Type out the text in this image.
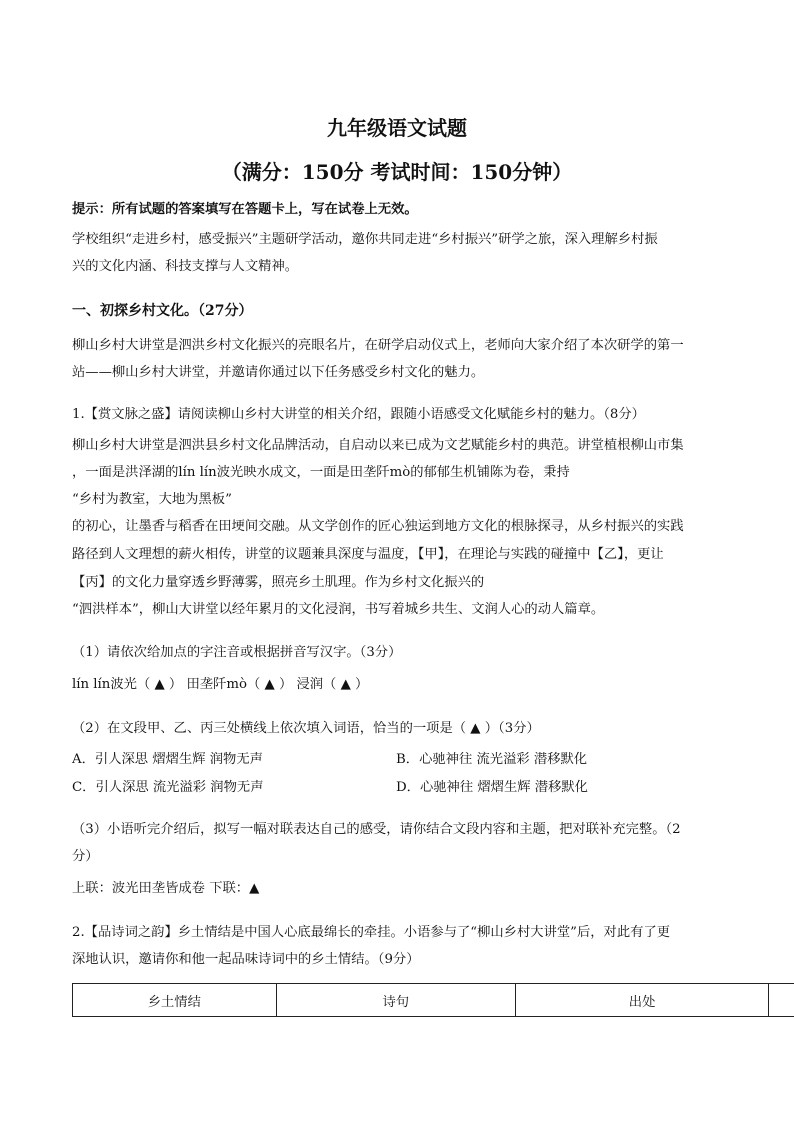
九年级语文试题
（满分：150分 考试时间：150分钟）
提示：所有试题的答案填写在答题卡上，写在试卷上无效。
学校组织“走进乡村，感受振兴”主题研学活动，邀你共同走进“乡村振兴”研学之旅，深入理解乡村振
兴的文化内涵、科技支撑与人文精神。
一、初探乡村文化。（27分）
柳山乡村大讲堂是泗洪乡村文化振兴的亮眼名片，在研学启动仪式上，老师向大家介绍了本次研学的第一
站——柳山乡村大讲堂，并邀请你通过以下任务感受乡村文化的魅力。
1.【赏文脉之盛】请阅读柳山乡村大讲堂的相关介绍，跟随小语感受文化赋能乡村的魅力。（8分）
柳山乡村大讲堂是泗洪县乡村文化品牌活动，自启动以来已成为文艺赋能乡村的典范。讲堂植根柳山市集
，一面是洪泽湖的lín lín波光映水成文，一面是田垄阡mò的郁郁生机铺陈为卷，秉持
“乡村为教室，大地为黑板”
的初心，让墨香与稻香在田埂间交融。从文学创作的匠心独运到地方文化的根脉探寻，从乡村振兴的实践
路径到人文理想的薪火相传，讲堂的议题兼具深度与温度，【甲】，在理论与实践的碰撞中【乙】，更让
【丙】的文化力量穿透乡野薄雾，照亮乡土肌理。作为乡村文化振兴的
“泗洪样本”，柳山大讲堂以经年累月的文化浸润，书写着城乡共生、文润人心的动人篇章。
（1）请依次给加点的字注音或根据拼音写汉字。（3分）
lín lín波光（ ▲ ） 田垄阡mò（ ▲ ） 浸润（ ▲ ）
（2）在文段甲、乙、丙三处横线上依次填入词语，恰当的一项是（ ▲ ）（3分）
A．引人深思 熠熠生辉 润物无声	B．心驰神往 流光溢彩 潜移默化
C．引人深思 流光溢彩 润物无声	D．心驰神往 熠熠生辉 潜移默化
（3）小语听完介绍后，拟写一幅对联表达自己的感受，请你结合文段内容和主题，把对联补充完整。（2
分）
上联：波光田垄皆成卷 下联：▲
2.【品诗词之韵】乡土情结是中国人心底最绵长的牵挂。小语参与了“柳山乡村大讲堂”后，对此有了更
深地认识，邀请你和他一起品味诗词中的乡土情结。（9分）
乡土情结	诗句	出处	
